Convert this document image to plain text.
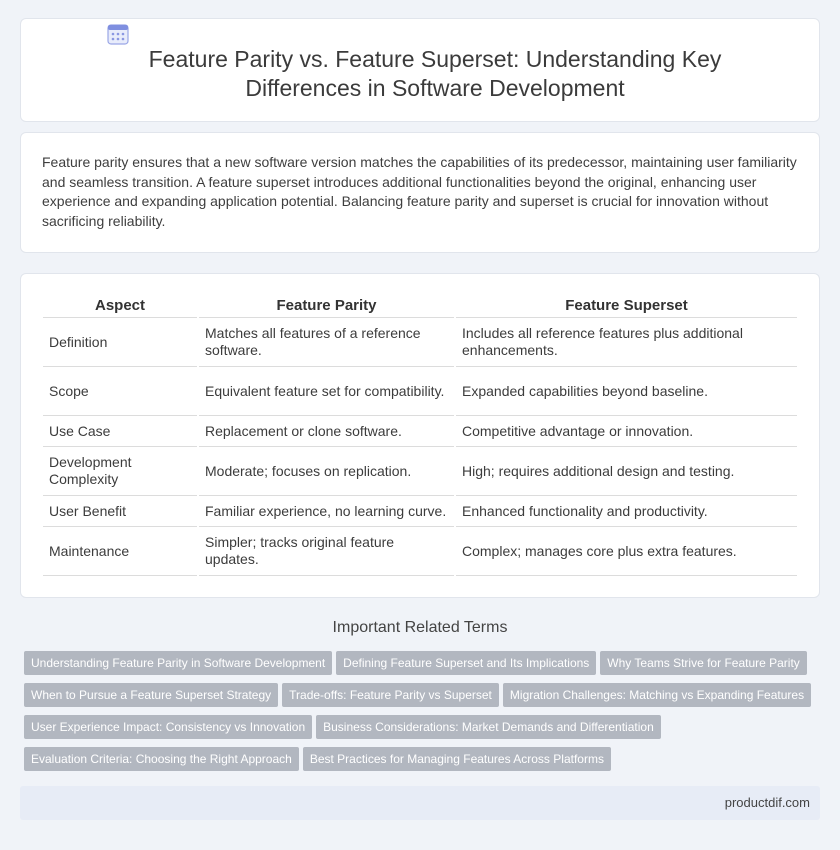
Feature Parity vs. Feature Superset: Understanding Key Differences in Software Development

Feature parity ensures that a new software version matches the capabilities of its predecessor, maintaining user familiarity and seamless transition. A feature superset introduces additional functionalities beyond the original, enhancing user experience and expanding application potential. Balancing feature parity and superset is crucial for innovation without sacrificing reliability.

Aspect	Feature Parity	Feature Superset
Definition	Matches all features of a reference software.	Includes all reference features plus additional enhancements.
Scope	Equivalent feature set for compatibility.	Expanded capabilities beyond baseline.
Use Case	Replacement or clone software.	Competitive advantage or innovation.
Development Complexity	Moderate; focuses on replication.	High; requires additional design and testing.
User Benefit	Familiar experience, no learning curve.	Enhanced functionality and productivity.
Maintenance	Simpler; tracks original feature updates.	Complex; manages core plus extra features.
Important Related Terms
Understanding Feature Parity in Software Development Defining Feature Superset and Its Implications Why Teams Strive for Feature Parity
When to Pursue a Feature Superset Strategy Trade-offs: Feature Parity vs Superset Migration Challenges: Matching vs Expanding Features
User Experience Impact: Consistency vs Innovation Business Considerations: Market Demands and Differentiation
Evaluation Criteria: Choosing the Right Approach Best Practices for Managing Features Across Platforms
productdif.com
